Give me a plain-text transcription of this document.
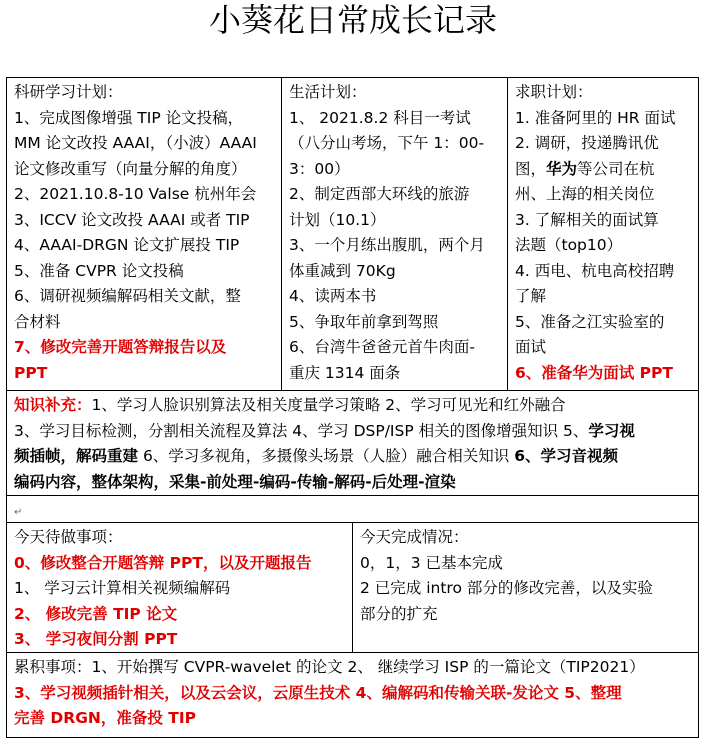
小葵花日常成长记录
科研学习计划：
1、完成图像增强 TIP 论文投稿，
MM 论文改投 AAAI，（小波）AAAI
论文修改重写（向量分解的角度）
2、2021.10.8-10 Valse 杭州年会
3、ICCV 论文改投 AAAI 或者 TIP
4、AAAI-DRGN 论文扩展投 TIP
5、准备 CVPR 论文投稿
6、调研视频编解码相关文献，整
合材料
7、修改完善开题答辩报告以及
PPT
生活计划：
1、 2021.8.2 科目一考试
（八分山考场，下午 1：00-
3：00）
2、制定西部大环线的旅游
计划（10.1）
3、一个月练出腹肌，两个月
体重减到 70Kg
4、读两本书
5、争取年前拿到驾照
6、台湾牛爸爸元首牛肉面-
重庆 1314 面条
求职计划：
1. 准备阿里的 HR 面试
2. 调研，投递腾讯优
图，华为等公司在杭
州、上海的相关岗位
3. 了解相关的面试算
法题（top10）
4. 西电、杭电高校招聘
了解
5、准备之江实验室的
面试
6、准备华为面试 PPT
知识补充：1、学习人脸识别算法及相关度量学习策略 2、学习可见光和红外融合
3、学习目标检测，分割相关流程及算法 4、学习 DSP/ISP 相关的图像增强知识 5、学习视
频插帧，解码重建 6、学习多视角，多摄像头场景（人脸）融合相关知识 6、学习音视频
编码内容，整体架构，采集-前处理-编码-传输-解码-后处理-渲染
↵
今天待做事项：
0、修改整合开题答辩 PPT，以及开题报告
1、 学习云计算相关视频编解码
2、 修改完善 TIP 论文
3、 学习夜间分割 PPT
今天完成情况：
0，1，3 已基本完成
2 已完成 intro 部分的修改完善，以及实验
部分的扩充
累积事项：1、开始撰写 CVPR-wavelet 的论文 2、 继续学习 ISP 的一篇论文（TIP2021）
3、学习视频插针相关，以及云会议，云原生技术 4、编解码和传输关联-发论文 5、整理
完善 DRGN，准备投 TIP
